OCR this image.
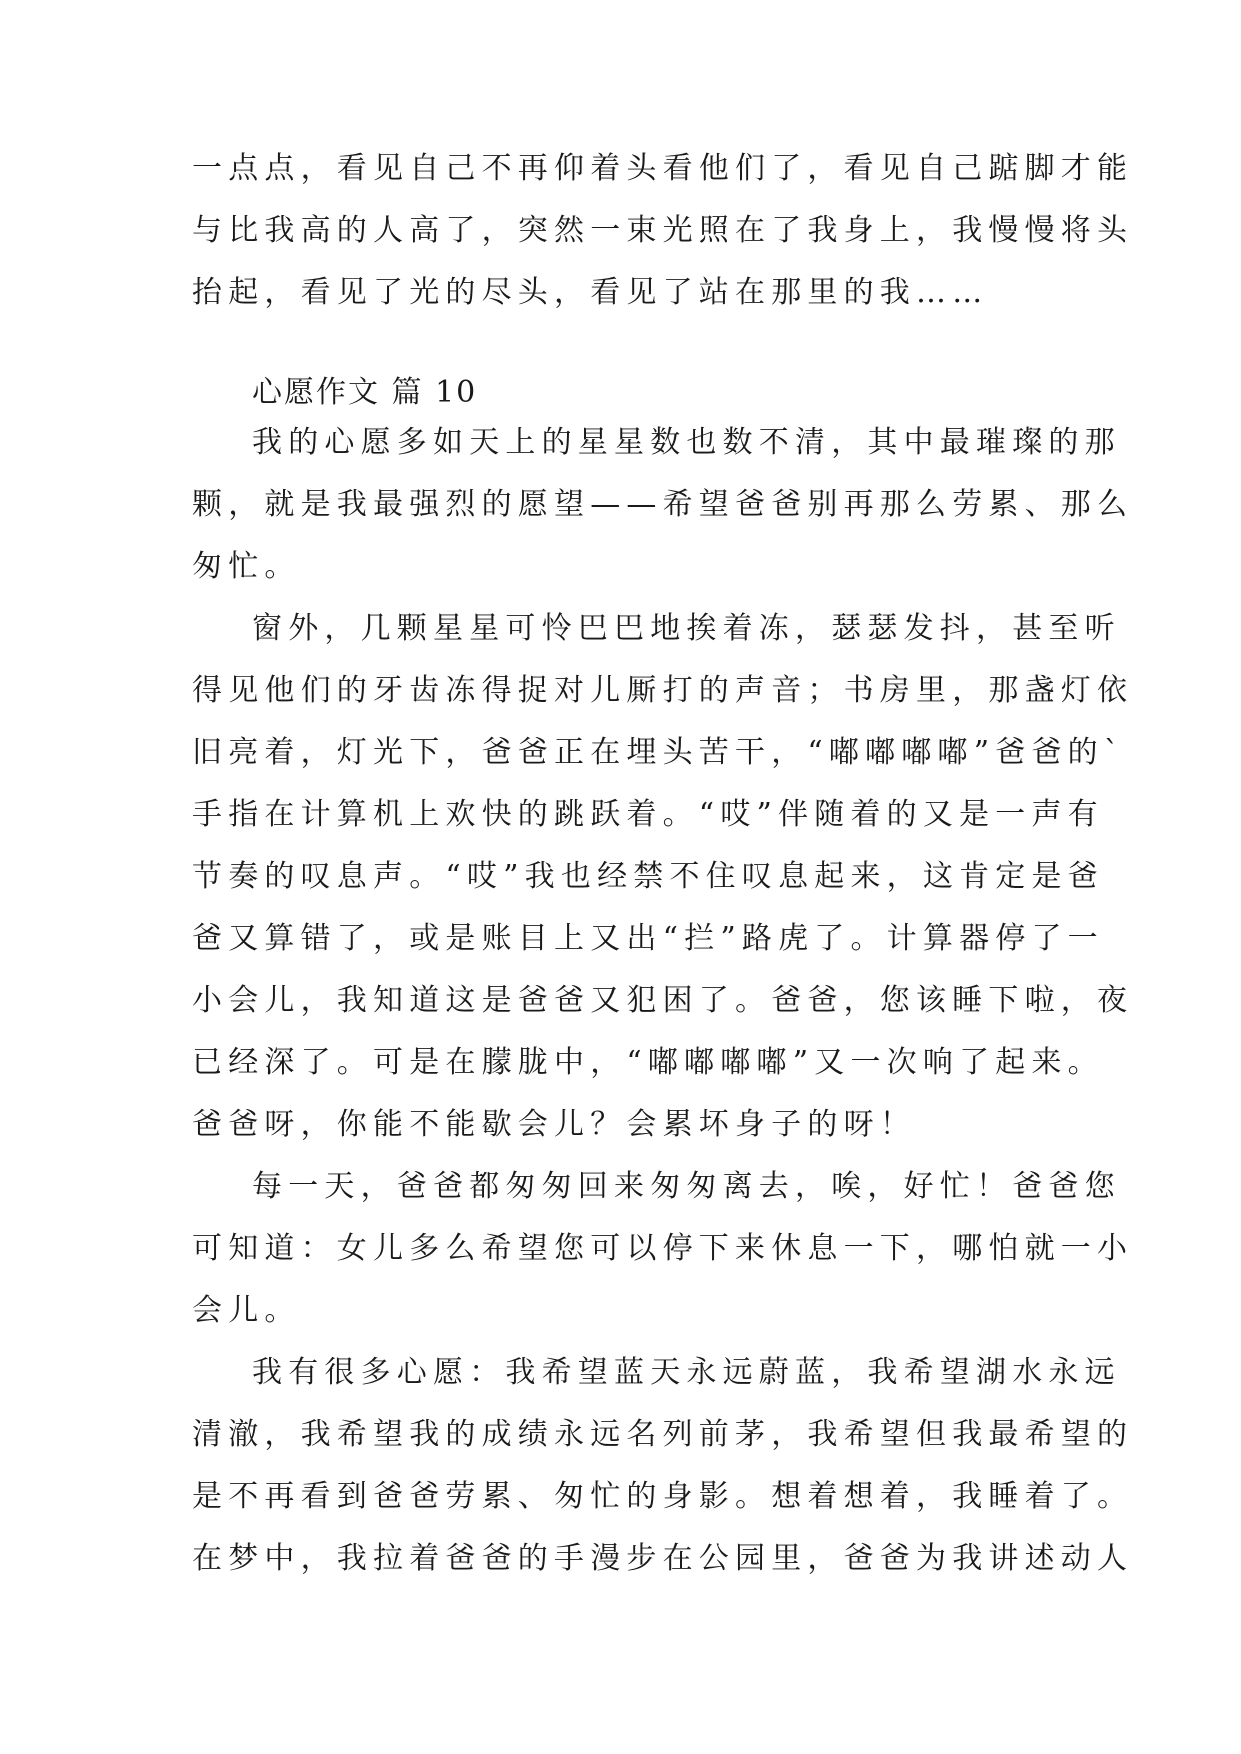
一点点，看见自己不再仰着头看他们了，看见自己踮脚才能
与比我高的人高了，突然一束光照在了我身上，我慢慢将头
抬起，看见了光的尽头，看见了站在那里的我……
心愿作文 篇 10
我的心愿多如天上的星星数也数不清，其中最璀璨的那
颗，就是我最强烈的愿望——希望爸爸别再那么劳累、那么
匆忙。
窗外，几颗星星可怜巴巴地挨着冻，瑟瑟发抖，甚至听
得见他们的牙齿冻得捉对儿厮打的声音；书房里，那盏灯依
旧亮着，灯光下，爸爸正在埋头苦干，“嘟嘟嘟嘟”爸爸的`
手指在计算机上欢快的跳跃着。“哎”伴随着的又是一声有
节奏的叹息声。“哎”我也经禁不住叹息起来，这肯定是爸
爸又算错了，或是账目上又出“拦”路虎了。计算器停了一
小会儿，我知道这是爸爸又犯困了。爸爸，您该睡下啦，夜
已经深了。可是在朦胧中，“嘟嘟嘟嘟”又一次响了起来。
爸爸呀，你能不能歇会儿？会累坏身子的呀！
每一天，爸爸都匆匆回来匆匆离去，唉，好忙！爸爸您
可知道：女儿多么希望您可以停下来休息一下，哪怕就一小
会儿。
我有很多心愿：我希望蓝天永远蔚蓝，我希望湖水永远
清澈，我希望我的成绩永远名列前茅，我希望但我最希望的
是不再看到爸爸劳累、匆忙的身影。想着想着，我睡着了。
在梦中，我拉着爸爸的手漫步在公园里，爸爸为我讲述动人
